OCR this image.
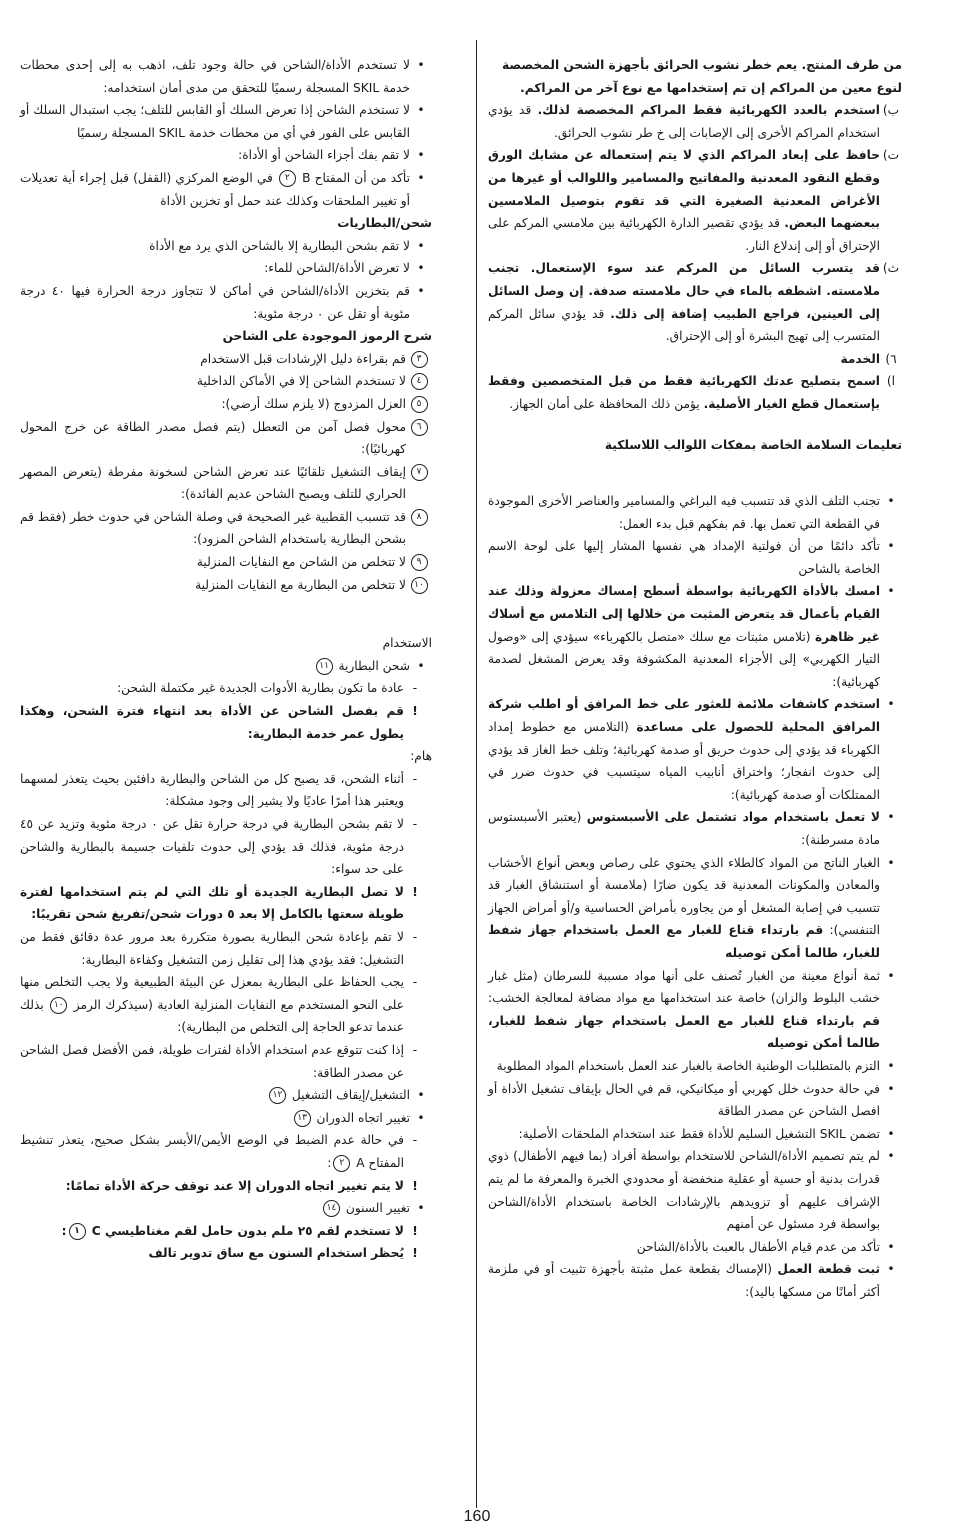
من طرف المنتج. يعم خطر نشوب الحرائق بأجهزة الشحن المخصصة لنوع معين من المراكم إن تم إستخدامها مع نوع آخر من المراكم.

ب)
استخدم بالعدد الكهربائية فقط المراكم المخصصة لذلك. قد يؤدي استخدام المراكم الأخرى إلى الإصابات إلى خ طر نشوب الحرائق.
ت)
حافظ على إبعاد المراكم الذي لا يتم إستعماله عن مشابك الورق وقطع النقود المعدنية والمفاتيح والمسامير واللوالب أو غيرها من الأغراض المعدنية الصغيرة التي قد تقوم بتوصيل الملامسين ببعضهما البعض. قد يؤدي تقصير الدارة الكهربائية بين ملامسي المركم على الإحتراق أو إلى إندلاع النار.
ث)
قد يتسرب السائل من المركم عند سوء الإستعمال. تجنب ملامسته. اشطفه بالماء في حال ملامسته صدفة. إن وصل السائل إلى العينين، فراجع الطبيب إضافة إلى ذلك. قد يؤدي سائل المركم المتسرب إلى تهيج البشرة أو إلى الإحتراق.
٦)
الخدمة
ا)
اسمح بتصليح عدتك الكهربائية فقط من قبل المتخصصين وفقط بإستعمال قطع الغيار الأصلية. يؤمن ذلك المحافظة على أمان الجهاز.
تعليمات السلامة الخاصة بمفكات اللوالب اللاسلكية
•
تجنب التلف الذي قد تتسبب فيه البراغي والمسامير والعناصر الأخرى الموجودة في القطعة التي تعمل بها. قم بفكهم قبل بدء العمل:
•
تأكد دائمًا من أن فولتية الإمداد هي نفسها المشار إليها على لوحة الاسم الخاصة بالشاحن
•
امسك بالأداة الكهربائية بواسطة أسطح إمساك معزولة وذلك عند القيام بأعمال قد يتعرض المثبت من خلالها إلى التلامس مع أسلاك غير ظاهرة (تلامس مثبتات مع سلك «متصل بالكهرباء» سيؤدي إلى «وصول التيار الكهربي» إلى الأجزاء المعدنية المكشوفة وقد يعرض المشغل لصدمة كهربائية):
•
استخدم كاشفات ملائمة للعثور على خط المرافق أو اطلب شركة المرافق المحلية للحصول على مساعدة (التلامس مع خطوط إمداد الكهرباء قد يؤدي إلى حدوث حريق أو صدمة كهربائية؛ وتلف خط الغاز قد يؤدي إلى حدوث انفجار؛ واختراق أنابيب المياه سيتسبب في حدوث ضرر في الممتلكات أو صدمة كهربائية):
•
لا تعمل باستخدام مواد تشتمل على الأسبستوس (يعتبر الأسبستوس مادة مسرطنة):
•
الغبار الناتج من المواد كالطلاء الذي يحتوي على رصاص وبعض أنواع الأخشاب والمعادن والمكونات المعدنية قد يكون ضارًا (ملامسة أو استنشاق الغبار قد تتسبب في إصابة المشغل أو من يجاوره بأمراض الحساسية و/أو أمراض الجهاز التنفسي): قم بارتداء قناع للغبار مع العمل باستخدام جهاز شفط للغبار، طالما أمكن توصيله
•
ثمة أنواع معينة من الغبار تُصنف على أنها مواد مسببة للسرطان (مثل غبار خشب البلوط والزان) خاصة عند استخدامها مع مواد مضافة لمعالجة الخشب: قم بارتداء قناع للغبار مع العمل باستخدام جهاز شفط للغبار، طالما أمكن توصيله
•
التزم بالمتطلبات الوطنية الخاصة بالغبار عند العمل باستخدام المواد المطلوبة
•
في حالة حدوث خلل كهربي أو ميكانيكي، قم في الحال بإيقاف تشغيل الأداة أو افصل الشاحن عن مصدر الطاقة
•
تضمن SKIL التشغيل السليم للأداة فقط عند استخدام الملحقات الأصلية:
•
لم يتم تصميم الأداة/الشاحن للاستخدام بواسطة أفراد (بما فيهم الأطفال) ذوي قدرات بدنية أو حسية أو عقلية منخفضة أو محدودي الخبرة والمعرفة ما لم يتم الإشراف عليهم أو تزويدهم بالإرشادات الخاصة باستخدام الأداة/الشاحن بواسطة فرد مسئول عن أمنهم
•
تأكد من عدم قيام الأطفال بالعبث بالأداة/الشاحن
•
ثبت قطعة العمل (الإمساك بقطعة عمل مثبتة بأجهزة تثبيت أو في ملزمة أكثر أمانًا من مسكها باليد):
•
لا تستخدم الأداة/الشاحن في حالة وجود تلف، اذهب به إلى إحدى محطات خدمة SKIL المسجلة رسميًا للتحقق من مدى أمان استخدامه:
•
لا تستخدم الشاحن إذا تعرض السلك أو القابس للتلف؛ يجب استبدال السلك أو القابس على الفور في أي من محطات خدمة SKIL المسجلة رسميًا
•
لا تقم بفك أجزاء الشاحن أو الأداة:
•
تأكد من أن المفتاح B ٢ في الوضع المركزي (القفل) قبل إجراء أية تعديلات أو تغيير الملحقات وكذلك عند حمل أو تخزين الأداة
شحن/البطاريات
•
لا تقم بشحن البطارية إلا بالشاحن الذي يرد مع الأداة
•
لا تعرض الأداة/الشاحن للماء:
•
قم بتخزين الأداة/الشاحن في أماكن لا تتجاوز درجة الحرارة فيها ٤٠ درجة مئوية أو تقل عن ٠ درجة مئوية:
شرح الرموز الموجودة على الشاحن
٣
قم بقراءة دليل الإرشادات قبل الاستخدام
٤
لا تستخدم الشاحن إلا في الأماكن الداخلية
٥
العزل المزدوج (لا يلزم سلك أرضي):
٦
محول فصل آمن من التعطل (يتم فصل مصدر الطاقة عن خرج المحول كهربائيًا):
٧
إيقاف التشغيل تلقائيًا عند تعرض الشاحن لسخونة مفرطة (يتعرض المصهر الحراري للتلف ويصبح الشاحن عديم الفائدة):
٨
قد تتسبب القطبية غير الصحيحة في وصلة الشاحن في حدوث خطر (فقط قم بشحن البطارية باستخدام الشاحن المزود):
٩
لا تتخلص من الشاحن مع النفايات المنزلية
١٠
لا تتخلص من البطارية مع النفايات المنزلية
الاستخدام
•
شحن البطارية ١١
-
عادة ما تكون بطارية الأدوات الجديدة غير مكتملة الشحن:
!
قم بفصل الشاحن عن الأداة بعد انتهاء فترة الشحن، وهكذا يطول عمر خدمة البطارية:
هام:
-
أثناء الشحن، قد يصبح كل من الشاحن والبطارية دافئين بحيث يتعذر لمسهما ويعتبر هذا أمرًا عاديًا ولا يشير إلى وجود مشكلة:
-
لا تقم بشحن البطارية في درجة حرارة تقل عن ٠ درجة مئوية وتزيد عن ٤٥ درجة مئوية، فذلك قد يؤدي إلى حدوث تلفيات جسيمة بالبطارية والشاحن على حد سواء:
!
لا تصل البطارية الجديدة أو تلك التي لم يتم استخدامها لفترة طويلة سعتها بالكامل إلا بعد ٥ دورات شحن/تفريغ شحن تقريبًا:
-
لا تقم بإعادة شحن البطارية بصورة متكررة بعد مرور عدة دقائق فقط من التشغيل: فقد يؤدي هذا إلى تقليل زمن التشغيل وكفاءة البطارية:
-
يجب الحفاظ على البطارية بمعزل عن البيئة الطبيعية ولا يجب التخلص منها على النحو المستخدم مع النفايات المنزلية العادية (سيذكرك الرمز ١٠ بذلك عندما تدعو الحاجة إلى التخلص من البطارية):
-
إذا كنت تتوقع عدم استخدام الأداة لفترات طويلة، فمن الأفضل فصل الشاحن عن مصدر الطاقة:
•
التشغيل/إيقاف التشغيل ١٢
•
تغيير اتجاه الدوران ١٣
-
في حالة عدم الضبط في الوضع الأيمن/الأيسر بشكل صحيح، يتعذر تنشيط المفتاح A ٢:
!
لا يتم تغيير اتجاه الدوران إلا عند توقف حركة الأداة تمامًا:
•
تغيير السنون ١٤
!
لا تستخدم لقم ٢٥ ملم بدون حامل لقم مغناطيسي C ١:
!
يُحظر استخدام السنون مع ساق تدوير تالف
160
